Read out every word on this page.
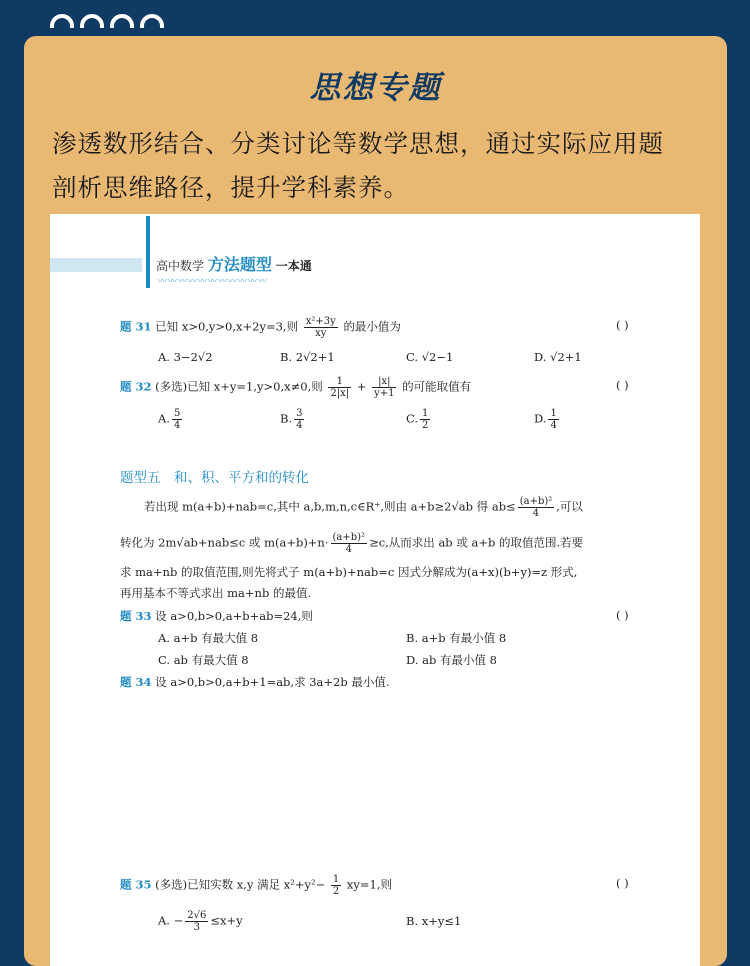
思想专题
渗透数形结合、分类讨论等数学思想，通过实际应用题
剖析思维路径，提升学科素养。
高中数学 方法题型 一本通
〰〰〰〰〰〰〰〰〰〰〰
题 31 已知 x>0,y>0,x+2y=3,则 $\frac{\text{x²+3y}}{xy}$ 的最小值为	( )
A. 3−2√2	B. 2√2+1	C. √2−1	D. √2+1
题 32 (多选)已知 x+y=1,y>0,x≠0,则 $\frac{1}{2|x|} + \frac{|x|}{y+1}$ 的可能取值有	( )
A. $\frac{5}{4}$	B. $\frac{3}{4}$	C. $\frac{1}{2}$	D. $\frac{1}{4}$
题型五　和、积、平方和的转化
若出现 m(a+b)+nab=c,其中 a,b,m,n,c∈R⁺,则由 a+b≥2√ab 得 $ab\le \frac{\text{(a+b)²}}{4}$ ,可以
转化为 2m√ab+nab≤c 或 $m(a+b)+n\cdot \frac{\text{(a+b)²}}{4} \ge c$,从而求出 ab 或 a+b 的取值范围.若要
求 ma+nb 的取值范围,则先将式子 m(a+b)+nab=c 因式分解成为(a+x)(b+y)=z 形式,
再用基本不等式求出 ma+nb 的最值.
题 33 设 a>0,b>0,a+b+ab=24,则	( )
A. a+b 有最大值 8	B. a+b 有最小值 8
C. ab 有最大值 8	D. ab 有最小值 8
题 34 设 a>0,b>0,a+b+1=ab,求 3a+2b 最小值.
题 35 (多选)已知实数 x,y 满足 $x^2+y^2- \frac{1}{2} xy=1$,则	( )
A. − $\frac{2√6}{3} \le x+y$	B. x+y≤1
